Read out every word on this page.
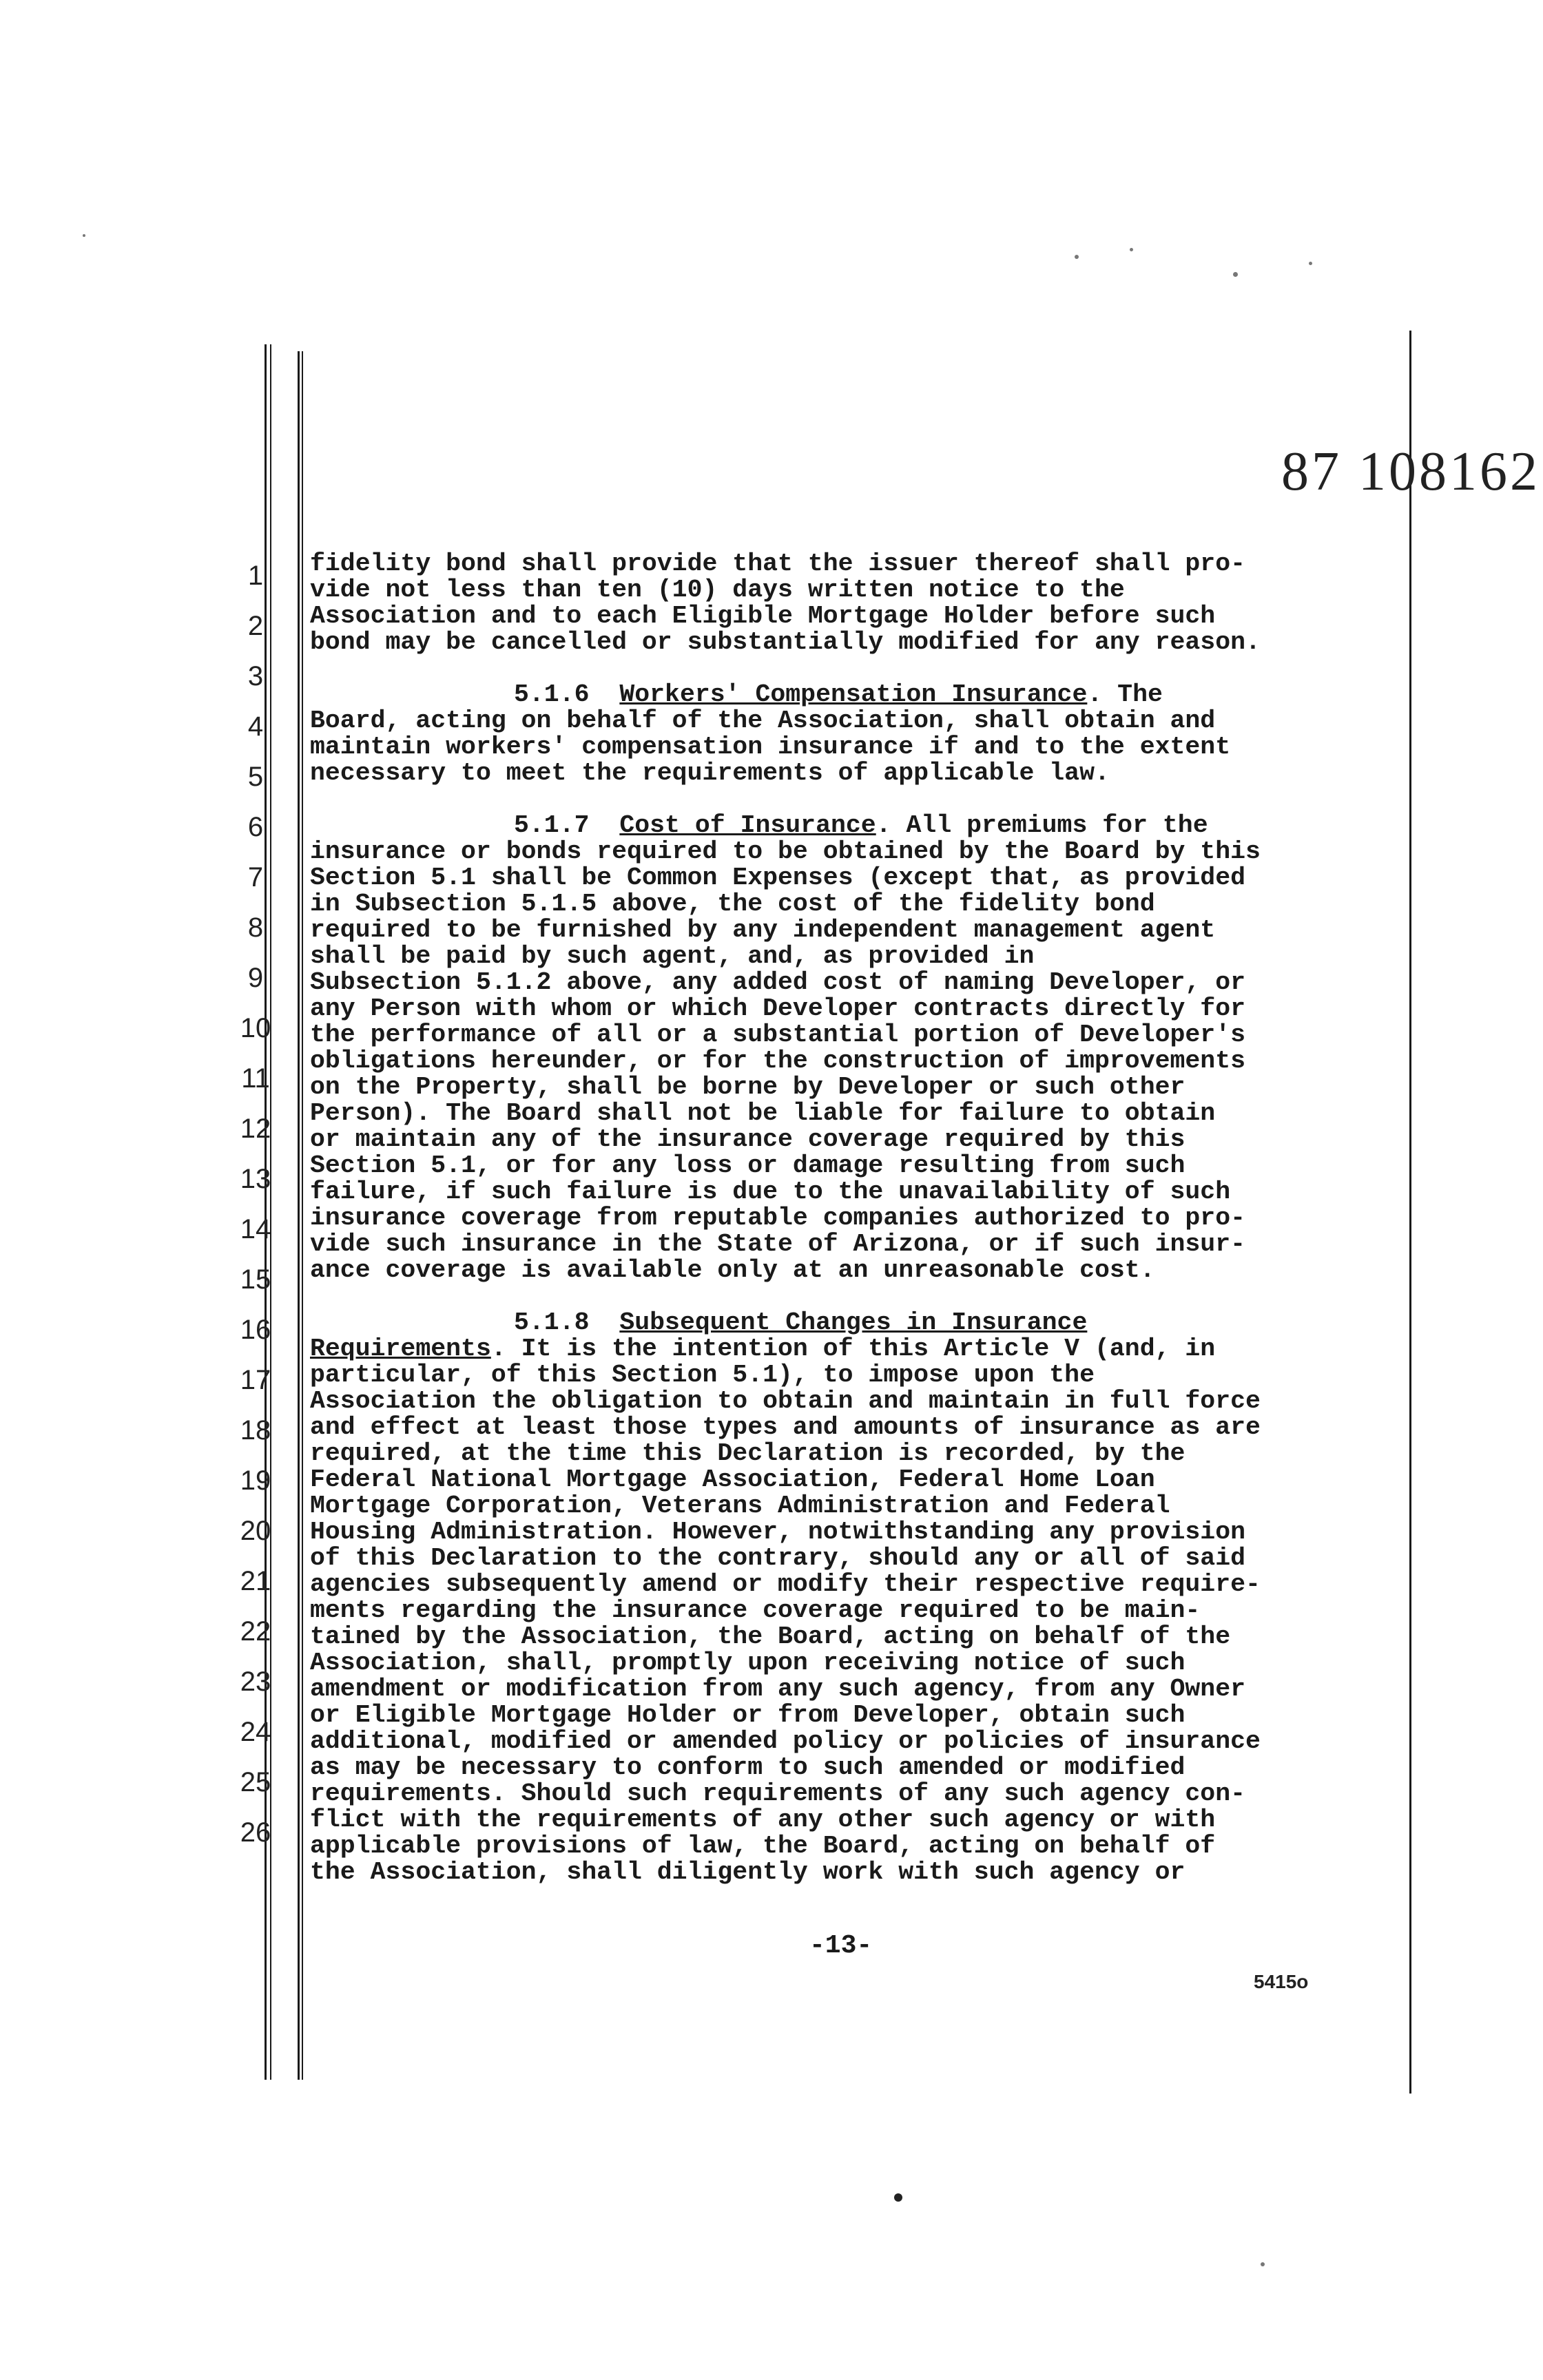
87 108162
1
2
3
4
5
6
7
8
9
10
11
12
13
14
15
16
17
18
19
20
21
22
23
24
25
26

fidelity bond shall provide that the issuer thereof shall pro-

vide not less than ten (10) days written notice to the

Association and to each Eligible Mortgage Holder before such

bond may be cancelled or substantially modified for any reason.

5.1.6 Workers' Compensation Insurance. The

Board, acting on behalf of the Association, shall obtain and

maintain workers' compensation insurance if and to the extent

necessary to meet the requirements of applicable law.

5.1.7 Cost of Insurance. All premiums for the

insurance or bonds required to be obtained by the Board by this

Section 5.1 shall be Common Expenses (except that, as provided

in Subsection 5.1.5 above, the cost of the fidelity bond

required to be furnished by any independent management agent

shall be paid by such agent, and, as provided in

Subsection 5.1.2 above, any added cost of naming Developer, or

any Person with whom or which Developer contracts directly for

the performance of all or a substantial portion of Developer's

obligations hereunder, or for the construction of improvements

on the Property, shall be borne by Developer or such other

Person). The Board shall not be liable for failure to obtain

or maintain any of the insurance coverage required by this

Section 5.1, or for any loss or damage resulting from such

failure, if such failure is due to the unavailability of such

insurance coverage from reputable companies authorized to pro-

vide such insurance in the State of Arizona, or if such insur-

ance coverage is available only at an unreasonable cost.

5.1.8 Subsequent Changes in Insurance

Requirements. It is the intention of this Article V (and, in

particular, of this Section 5.1), to impose upon the

Association the obligation to obtain and maintain in full force

and effect at least those types and amounts of insurance as are

required, at the time this Declaration is recorded, by the

Federal National Mortgage Association, Federal Home Loan

Mortgage Corporation, Veterans Administration and Federal

Housing Administration. However, notwithstanding any provision

of this Declaration to the contrary, should any or all of said

agencies subsequently amend or modify their respective require-

ments regarding the insurance coverage required to be main-

tained by the Association, the Board, acting on behalf of the

Association, shall, promptly upon receiving notice of such

amendment or modification from any such agency, from any Owner

or Eligible Mortgage Holder or from Developer, obtain such

additional, modified or amended policy or policies of insurance

as may be necessary to conform to such amended or modified

requirements. Should such requirements of any such agency con-

flict with the requirements of any other such agency or with

applicable provisions of law, the Board, acting on behalf of

the Association, shall diligently work with such agency or

-13-
5415o
